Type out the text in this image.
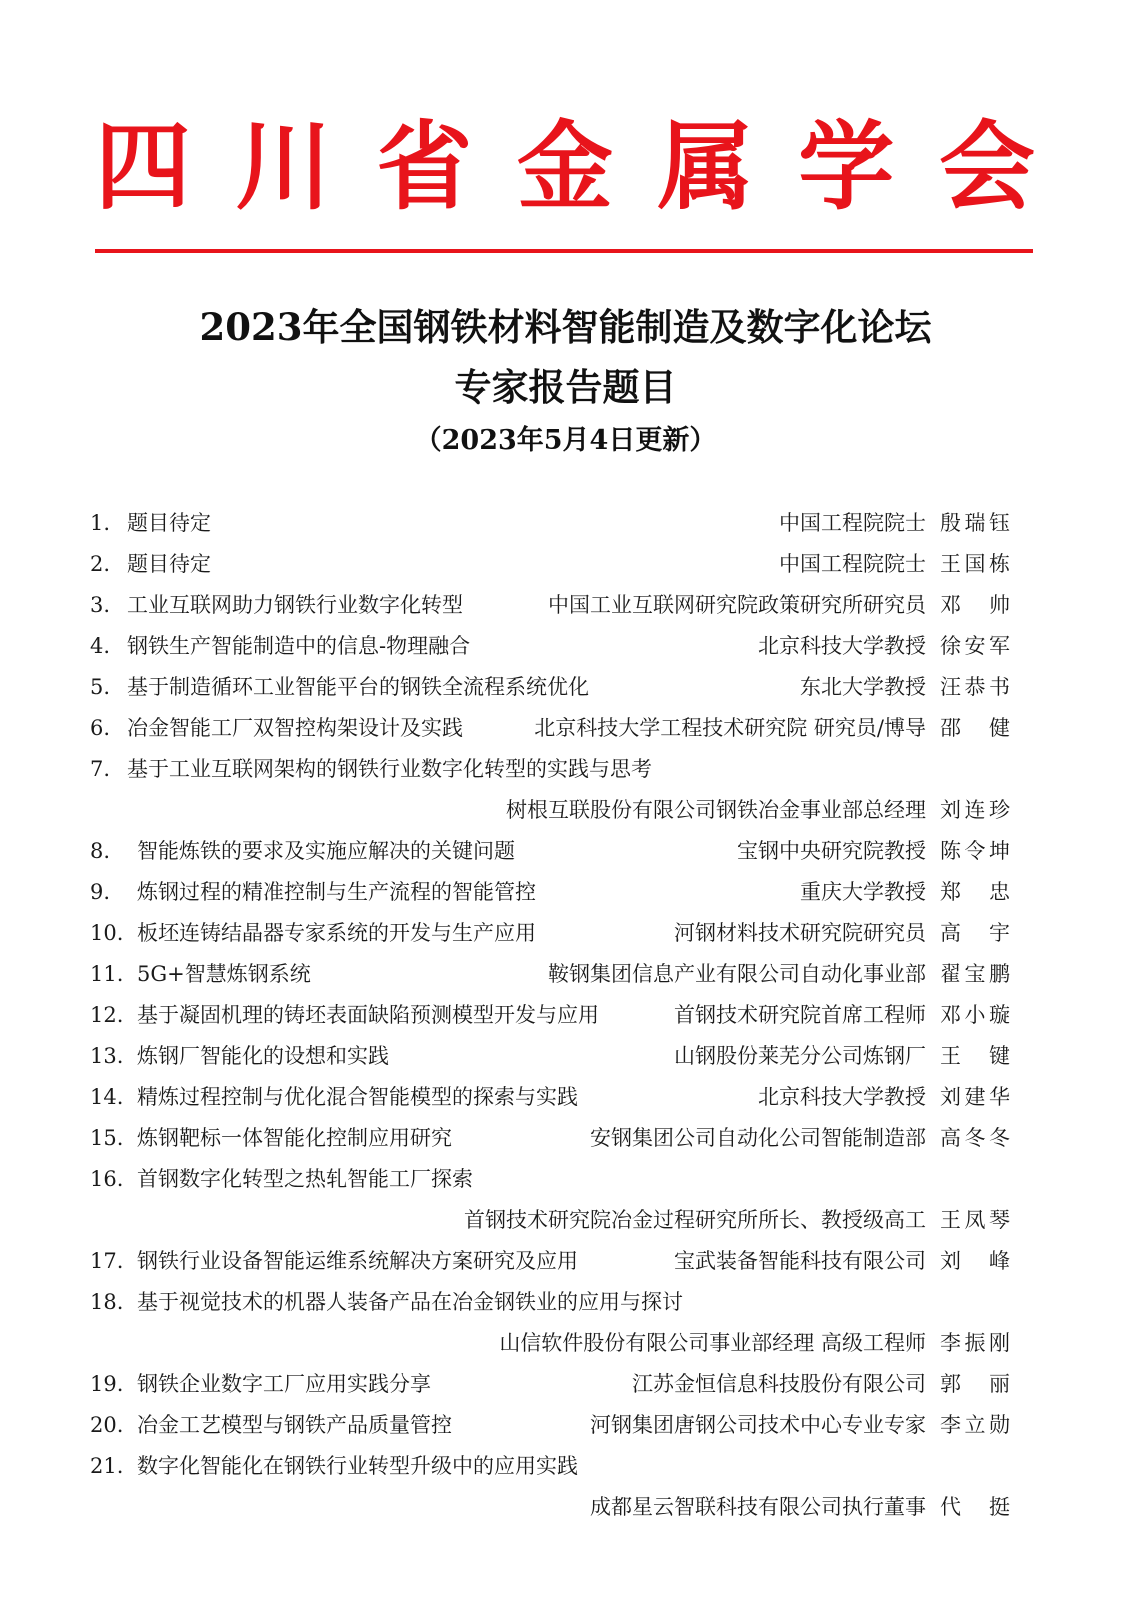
四 川 省 金 属 学 会
2023年全国钢铁材料智能制造及数字化论坛
专家报告题目
（2023年5月4日更新）
1. 题目待定	中国工程院院士 殷瑞钰
2. 题目待定	中国工程院院士 王国栋
3. 工业互联网助力钢铁行业数字化转型	中国工业互联网研究院政策研究所研究员 邓 帅
4. 钢铁生产智能制造中的信息-物理融合	北京科技大学教授 徐安军
5. 基于制造循环工业智能平台的钢铁全流程系统优化	东北大学教授 汪恭书
6. 冶金智能工厂双智控构架设计及实践	北京科技大学工程技术研究院 研究员/博导 邵 健
7. 基于工业互联网架构的钢铁行业数字化转型的实践与思考
树根互联股份有限公司钢铁冶金事业部总经理 刘连珍
8.	智能炼铁的要求及实施应解决的关键问题	宝钢中央研究院教授 陈令坤
9.	炼钢过程的精准控制与生产流程的智能管控	重庆大学教授 郑 忠
10. 板坯连铸结晶器专家系统的开发与生产应用	河钢材料技术研究院研究员 高 宇
11. 5G+智慧炼钢系统	鞍钢集团信息产业有限公司自动化事业部 翟宝鹏
12. 基于凝固机理的铸坯表面缺陷预测模型开发与应用	首钢技术研究院首席工程师 邓小璇
13. 炼钢厂智能化的设想和实践	山钢股份莱芜分公司炼钢厂 王 键
14. 精炼过程控制与优化混合智能模型的探索与实践	北京科技大学教授 刘建华
15. 炼钢靶标一体智能化控制应用研究	安钢集团公司自动化公司智能制造部 高冬冬
16. 首钢数字化转型之热轧智能工厂探索
首钢技术研究院冶金过程研究所所长、教授级高工 王凤琴
17. 钢铁行业设备智能运维系统解决方案研究及应用	宝武装备智能科技有限公司 刘 峰
18. 基于视觉技术的机器人装备产品在冶金钢铁业的应用与探讨
山信软件股份有限公司事业部经理 高级工程师 李振刚
19. 钢铁企业数字工厂应用实践分享	江苏金恒信息科技股份有限公司 郭 丽
20. 冶金工艺模型与钢铁产品质量管控	河钢集团唐钢公司技术中心专业专家 李立勋
21. 数字化智能化在钢铁行业转型升级中的应用实践
成都星云智联科技有限公司执行董事 代 挺
